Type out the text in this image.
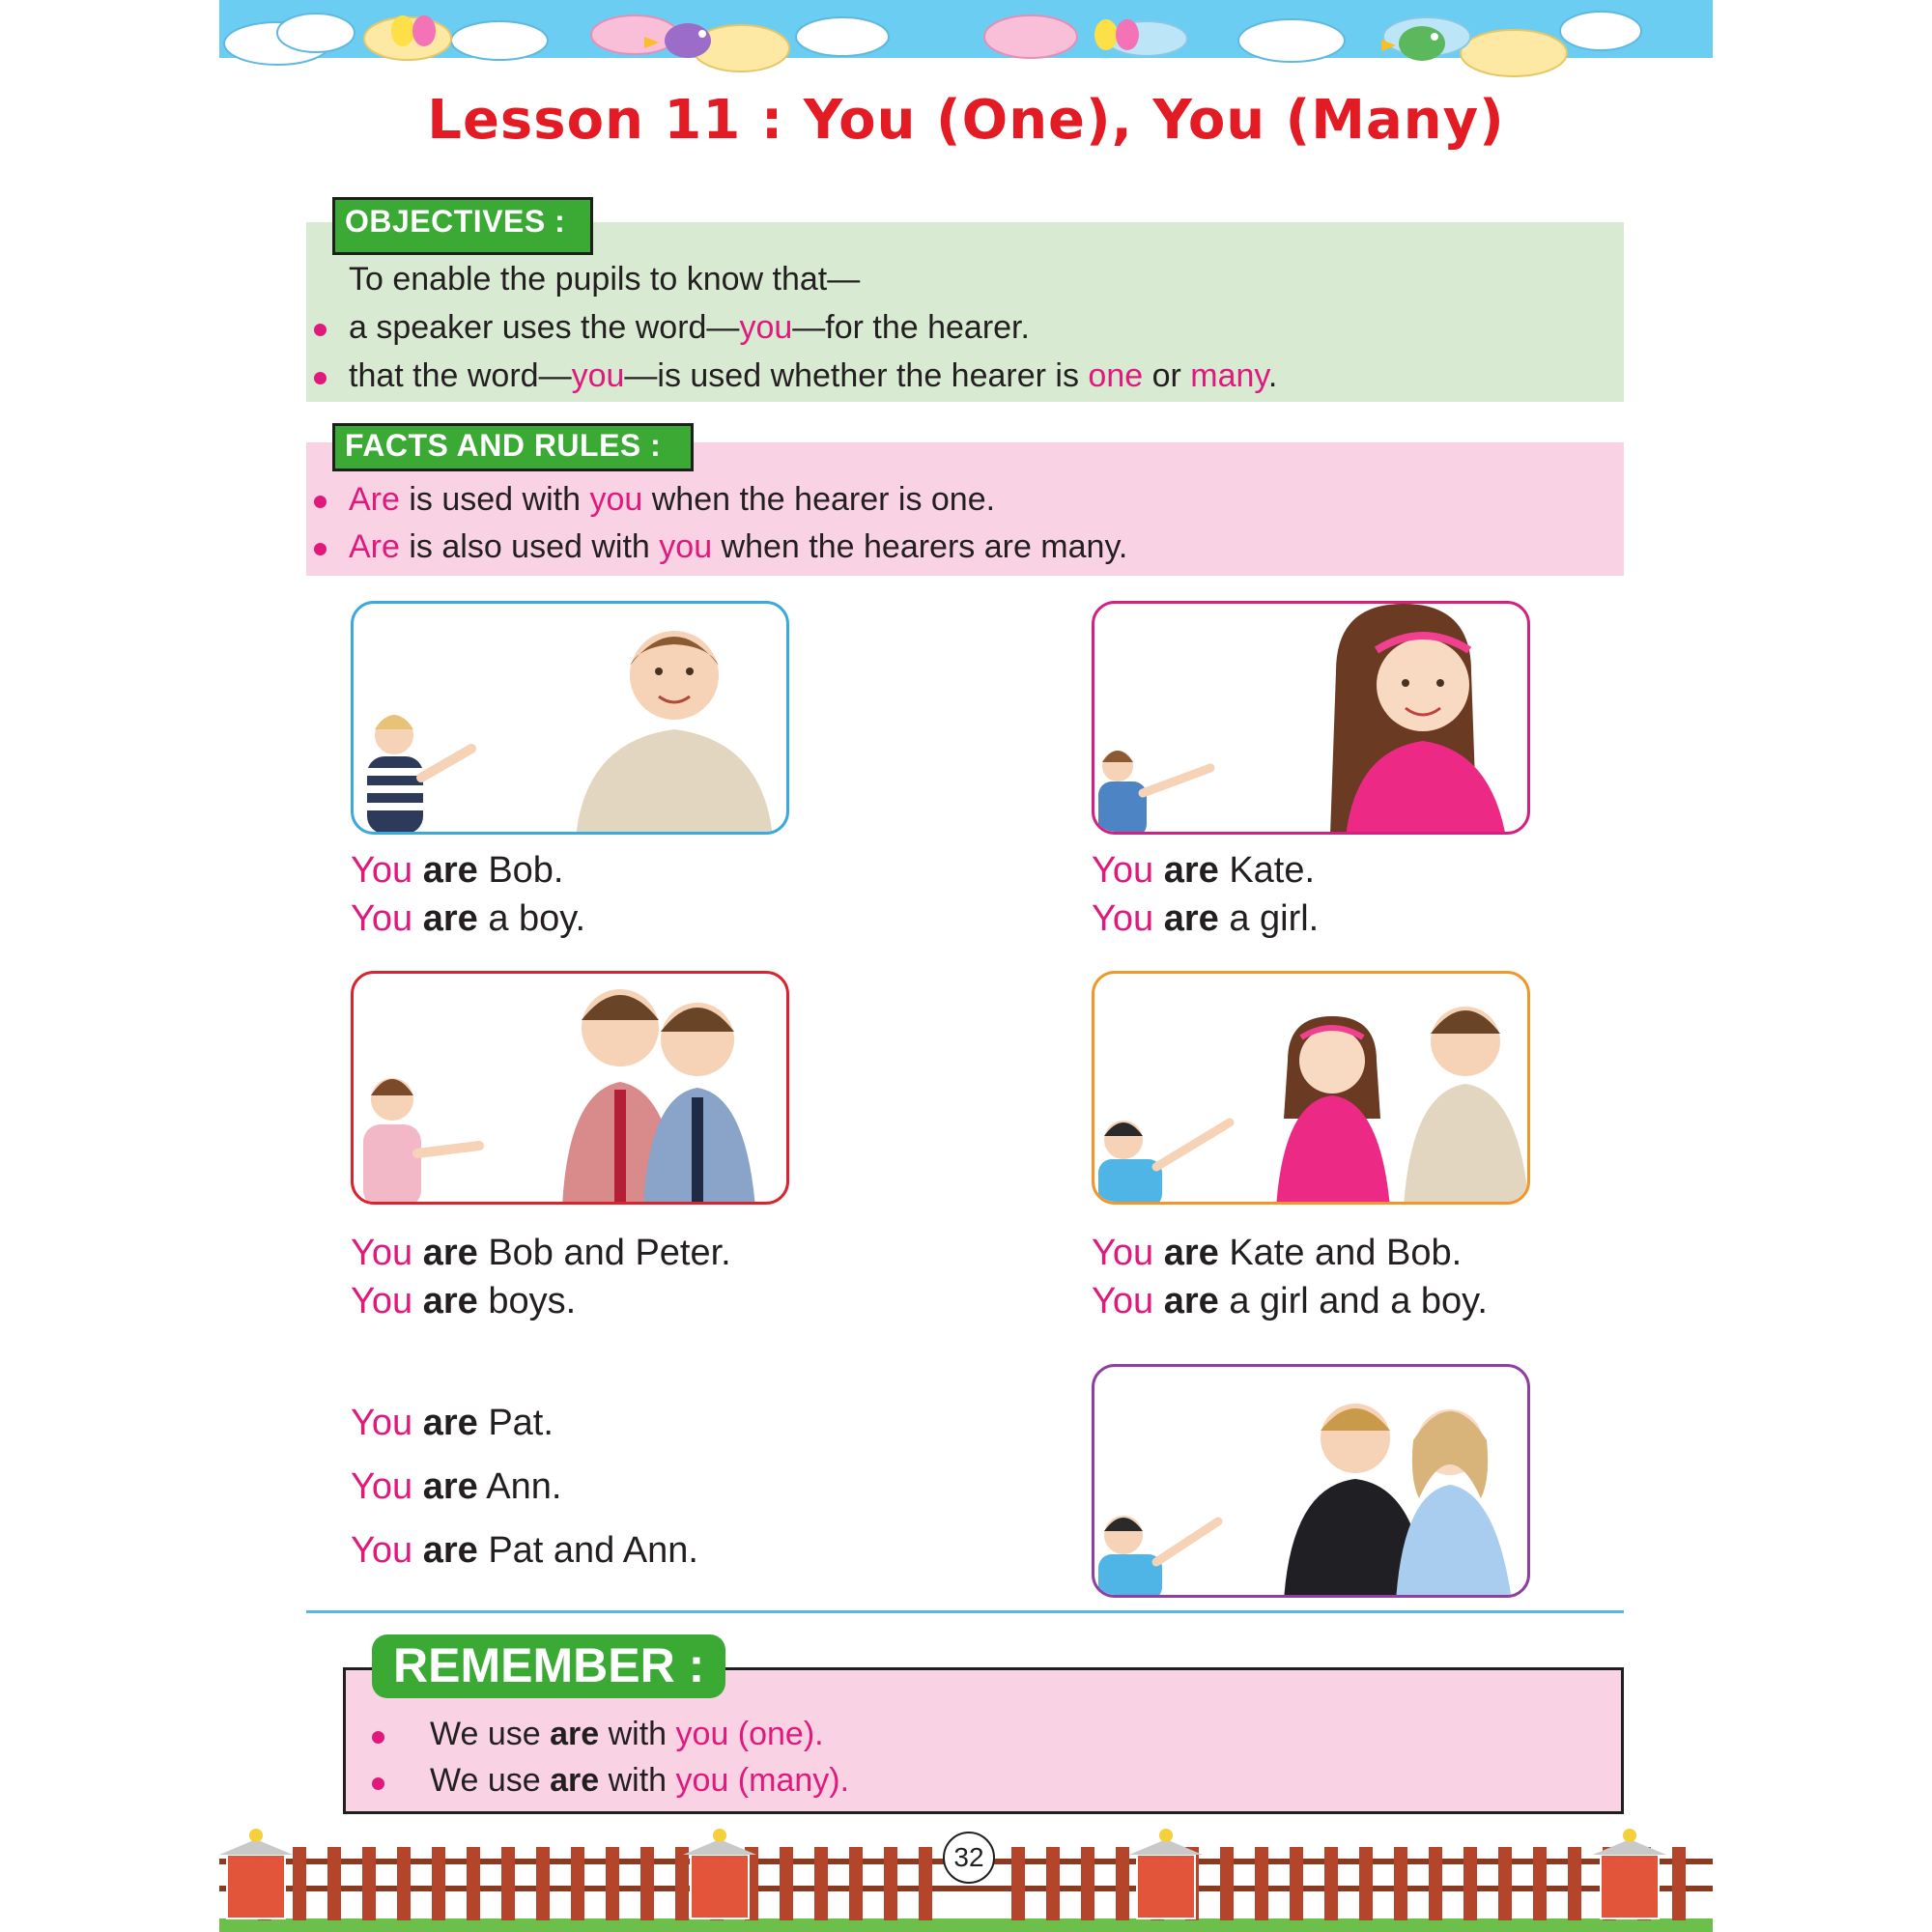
Lesson 11 : You (One), You (Many)
OBJECTIVES :
To enable the pupils to know that—
a speaker uses the word—you—for the hearer.
that the word—you—is used whether the hearer is one or many.
FACTS AND RULES :
Are is used with you when the hearer is one.
Are is also used with you when the hearers are many.
You are Bob.
You are a boy.
You are Kate.
You are a girl.
You are Bob and Peter.
You are boys.
You are Kate and Bob.
You are a girl and a boy.
You are Pat.
You are Ann.
You are Pat and Ann.
REMEMBER :
We use are with you (one).
We use are with you (many).
32
